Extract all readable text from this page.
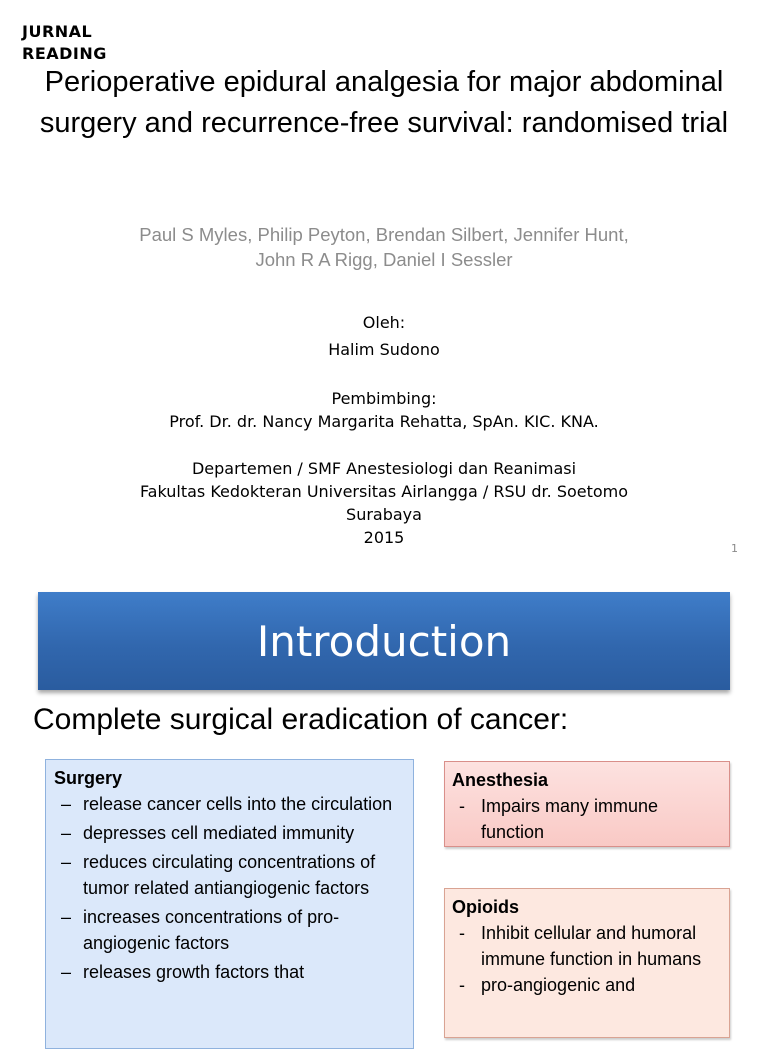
JURNAL READING
Perioperative epidural analgesia for major abdominal surgery and recurrence-free survival: randomised trial
Paul S Myles, Philip Peyton, Brendan Silbert, Jennifer Hunt,
John R A Rigg, Daniel I Sessler
Oleh:
Halim Sudono
Pembimbing:
Prof. Dr. dr. Nancy Margarita Rehatta, SpAn. KIC. KNA.
Departemen / SMF Anestesiologi dan Reanimasi
Fakultas Kedokteran Universitas Airlangga / RSU dr. Soetomo
Surabaya
2015
1
Introduction
Complete surgical eradication of cancer:
Surgery
– release cancer cells into the circulation
– depresses cell mediated immunity
– reduces circulating concentrations of tumor related antiangiogenic factors
– increases concentrations of pro-angiogenic factors
– releases growth factors that
Anesthesia
- Impairs many immune function
Opioids
- Inhibit cellular and humoral immune function in humans
- pro-angiogenic and
